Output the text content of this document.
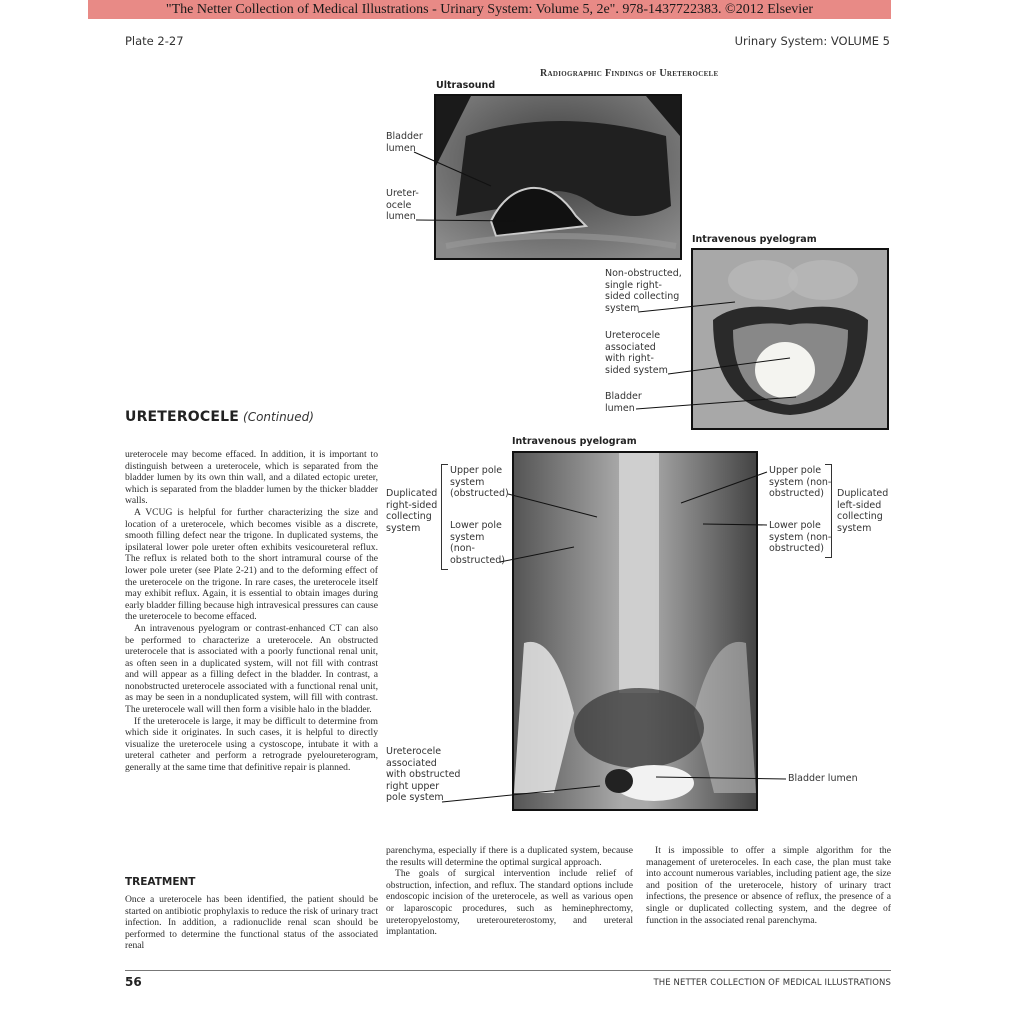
"The Netter Collection of Medical Illustrations - Urinary System: Volume 5, 2e". 978-1437722383. ©2012 Elsevier
Plate 2-27	Urinary System: VOLUME 5
Radiographic Findings of Ureterocele
Ultrasound
Bladder
lumen
Ureter-
ocele
lumen
Intravenous pyelogram
Non-obstructed,
single right-
sided collecting
system
Ureterocele
associated
with right-
sided system
Bladder
lumen
URETEROCELE (Continued)
Intravenous pyelogram
Duplicated
right-sided
collecting
system
Upper pole
system
(obstructed)
Lower pole
system
(non-
obstructed)
Upper pole
system (non-
obstructed)
Lower pole
system (non-
obstructed)
Duplicated
left-sided
collecting
system
Ureterocele
associated
with obstructed
right upper
pole system
Bladder lumen

ureterocele may become effaced. In addition, it is important to distinguish between a ureterocele, which is separated from the bladder lumen by its own thin wall, and a dilated ectopic ureter, which is separated from the bladder lumen by the thicker bladder walls.

A VCUG is helpful for further characterizing the size and location of a ureterocele, which becomes visible as a discrete, smooth filling defect near the trigone. In duplicated systems, the ipsilateral lower pole ureter often exhibits vesicoureteral reflux. The reflux is related both to the short intramural course of the lower pole ureter (see Plate 2-21) and to the deforming effect of the ureterocele on the trigone. In rare cases, the ureterocele itself may exhibit reflux. Again, it is essential to obtain images during early bladder filling because high intravesical pressures can cause the ureterocele to become effaced.

An intravenous pyelogram or contrast-enhanced CT can also be performed to characterize a ureterocele. An obstructed ureterocele that is associated with a poorly functional renal unit, as often seen in a duplicated system, will not fill with contrast and will appear as a filling defect in the bladder. In contrast, a nonobstructed ureterocele associated with a functional renal unit, as may be seen in a nonduplicated system, will fill with contrast. The ureterocele wall will then form a visible halo in the bladder.

If the ureterocele is large, it may be difficult to determine from which side it originates. In such cases, it is helpful to directly visualize the ureterocele using a cystoscope, intubate it with a ureteral catheter and perform a retrograde pyeloureterogram, generally at the same time that definitive repair is planned.

TREATMENT
Once a ureterocele has been identified, the patient should be started on antibiotic prophylaxis to reduce the risk of urinary tract infection. In addition, a radionuclide renal scan should be performed to determine the functional status of the associated renal

parenchyma, especially if there is a duplicated system, because the results will determine the optimal surgical approach.

The goals of surgical intervention include relief of obstruction, infection, and reflux. The standard options include endoscopic incision of the ureterocele, as well as various open or laparoscopic procedures, such as heminephrectomy, ureteropyelostomy, ureteroureterostomy, and ureteral implantation.

It is impossible to offer a simple algorithm for the management of ureteroceles. In each case, the plan must take into account numerous variables, including patient age, the size and position of the ureterocele, history of urinary tract infections, the presence or absence of reflux, the presence of a single or duplicated collecting system, and the degree of function in the associated renal parenchyma.

56	THE NETTER COLLECTION OF MEDICAL ILLUSTRATIONS
